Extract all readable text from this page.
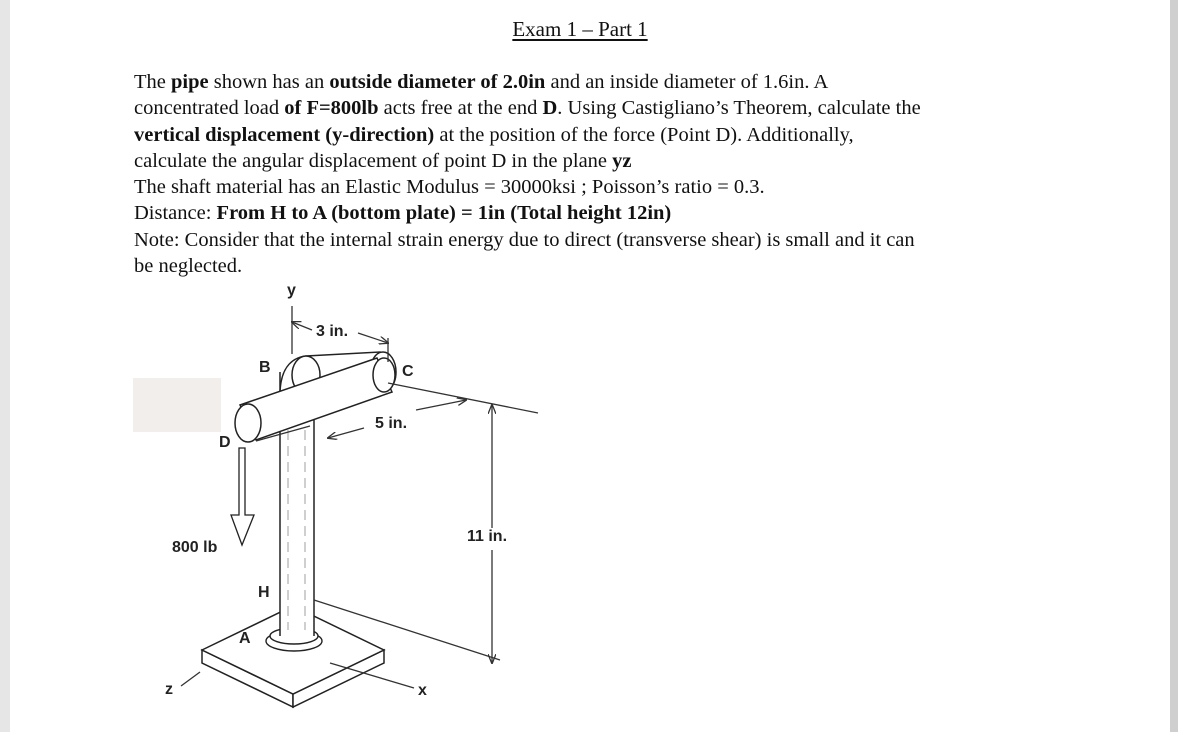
Exam 1 – Part 1

The pipe shown has an outside diameter of 2.0in and an inside diameter of 1.6in. A

concentrated load of F=800lb acts free at the end D. Using Castigliano’s Theorem, calculate the

vertical displacement (y-direction) at the position of the force (Point D). Additionally,

calculate the angular displacement of point D in the plane yz

The shaft material has an Elastic Modulus = 30000ksi ; Poisson’s ratio = 0.3.

Distance: From H to A (bottom plate) = 1in (Total height 12in)

Note: Consider that the internal strain energy due to direct (transverse shear) is small and it can

be neglected.

y
3 in.
B	C
5 in.
D
11 in.
800 lb
H
A
z	x
